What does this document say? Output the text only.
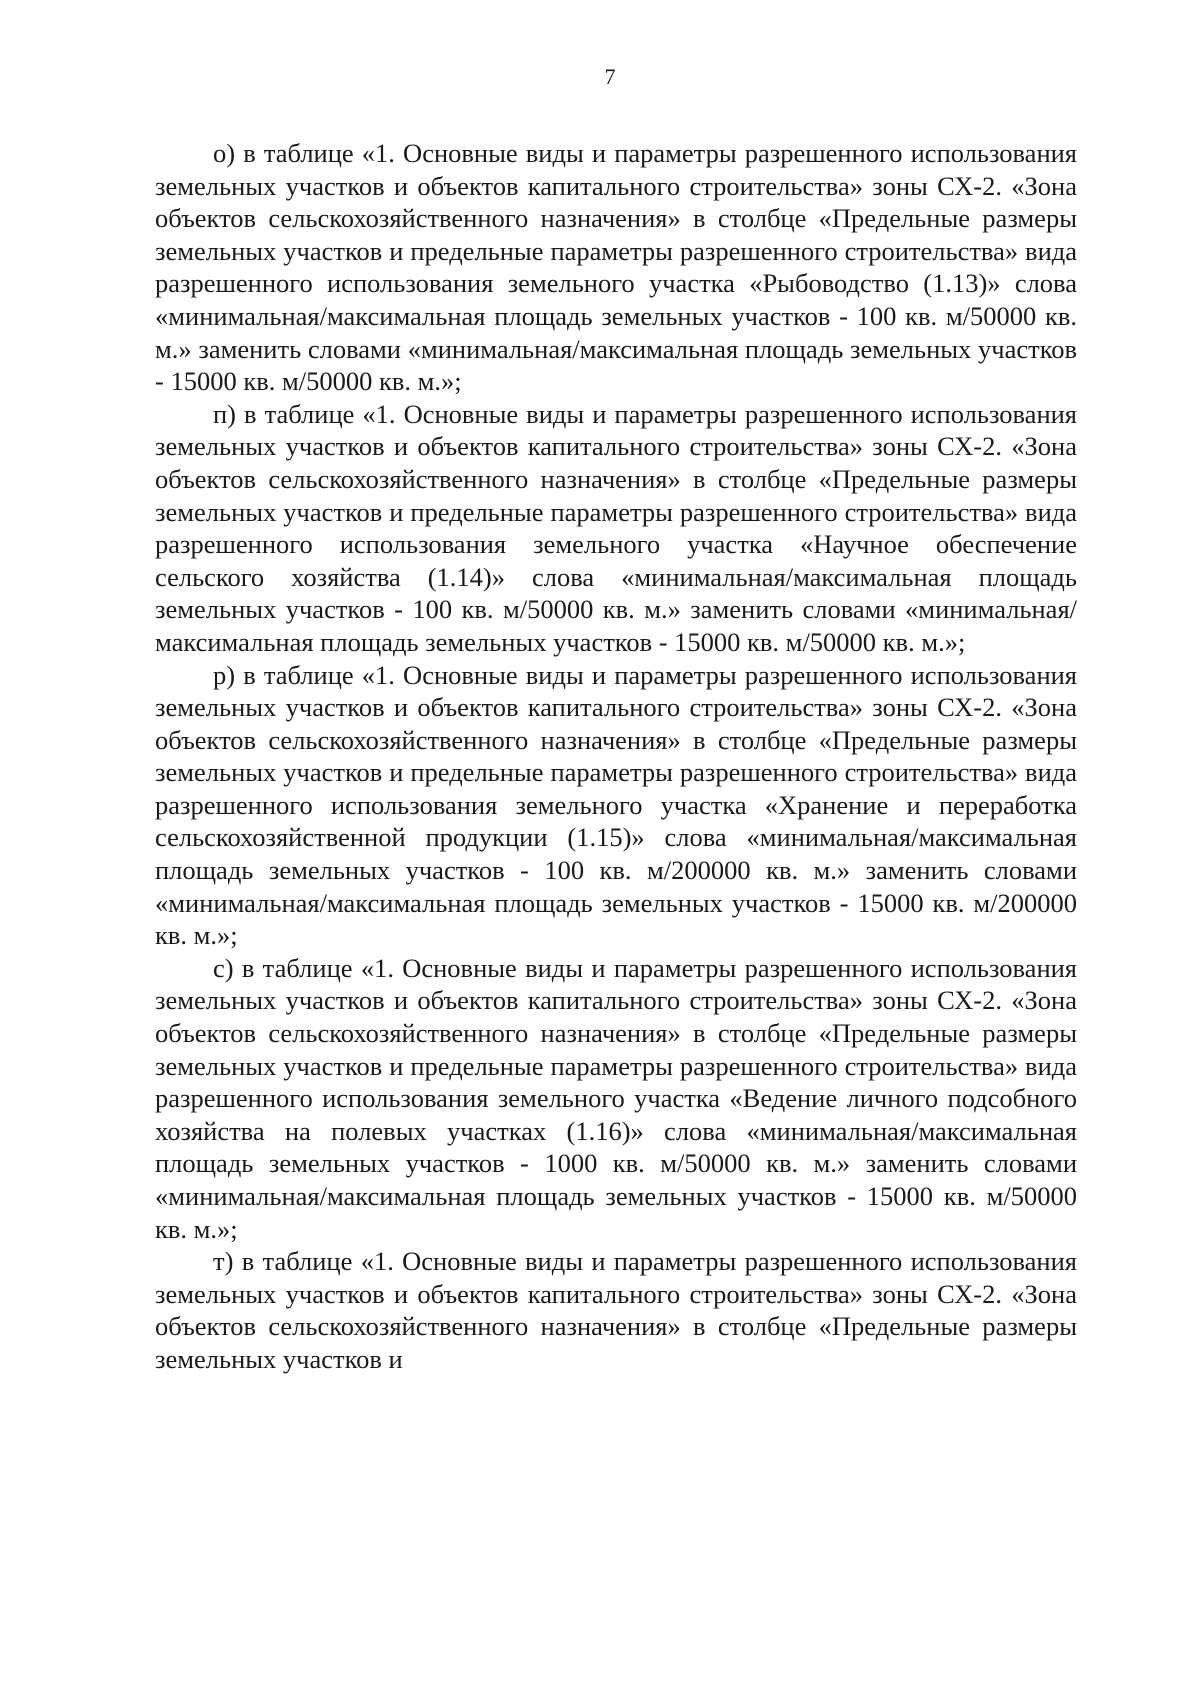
7

о) в таблице «1. Основные виды и параметры разрешенного использования земельных участков и объектов капитального строительства» зоны СХ-2. «Зона объектов сельскохозяйственного назначения» в столбце «Предельные размеры земельных участков и предельные параметры разрешенного строительства» вида разрешенного использования земельного участка «Рыбоводство (1.13)» слова «минимальная/максимальная площадь земельных участков - 100 кв. м/50000 кв. м.» заменить словами «минимальная/максимальная площадь земельных участков - 15000 кв. м/50000 кв. м.»;

п) в таблице «1. Основные виды и параметры разрешенного использования земельных участков и объектов капитального строительства» зоны СХ-2. «Зона объектов сельскохозяйственного назначения» в столбце «Предельные размеры земельных участков и предельные параметры разрешенного строительства» вида разрешенного использования земельного участка «Научное обеспечение сельского хозяйства (1.14)» слова «минимальная/максимальная площадь земельных участков - 100 кв. м/50000 кв. м.» заменить словами «минимальная/максимальная площадь земельных участков - 15000 кв. м/50000 кв. м.»;

р) в таблице «1. Основные виды и параметры разрешенного использования земельных участков и объектов капитального строительства» зоны СХ-2. «Зона объектов сельскохозяйственного назначения» в столбце «Предельные размеры земельных участков и предельные параметры разрешенного строительства» вида разрешенного использования земельного участка «Хранение и переработка сельскохозяйственной продукции (1.15)» слова «минимальная/максимальная площадь земельных участков - 100 кв. м/200000 кв. м.» заменить словами «минимальная/максимальная площадь земельных участков - 15000 кв. м/200000 кв. м.»;

с) в таблице «1. Основные виды и параметры разрешенного использования земельных участков и объектов капитального строительства» зоны СХ-2. «Зона объектов сельскохозяйственного назначения» в столбце «Предельные размеры земельных участков и предельные параметры разрешенного строительства» вида разрешенного использования земельного участка «Ведение личного подсобного хозяйства на полевых участках (1.16)» слова «минимальная/максимальная площадь земельных участков - 1000 кв. м/50000 кв. м.» заменить словами «минимальная/максимальная площадь земельных участков - 15000 кв. м/50000 кв. м.»;

т) в таблице «1. Основные виды и параметры разрешенного использования земельных участков и объектов капитального строительства» зоны СХ-2. «Зона объектов сельскохозяйственного назначения» в столбце «Предельные размеры земельных участков и
